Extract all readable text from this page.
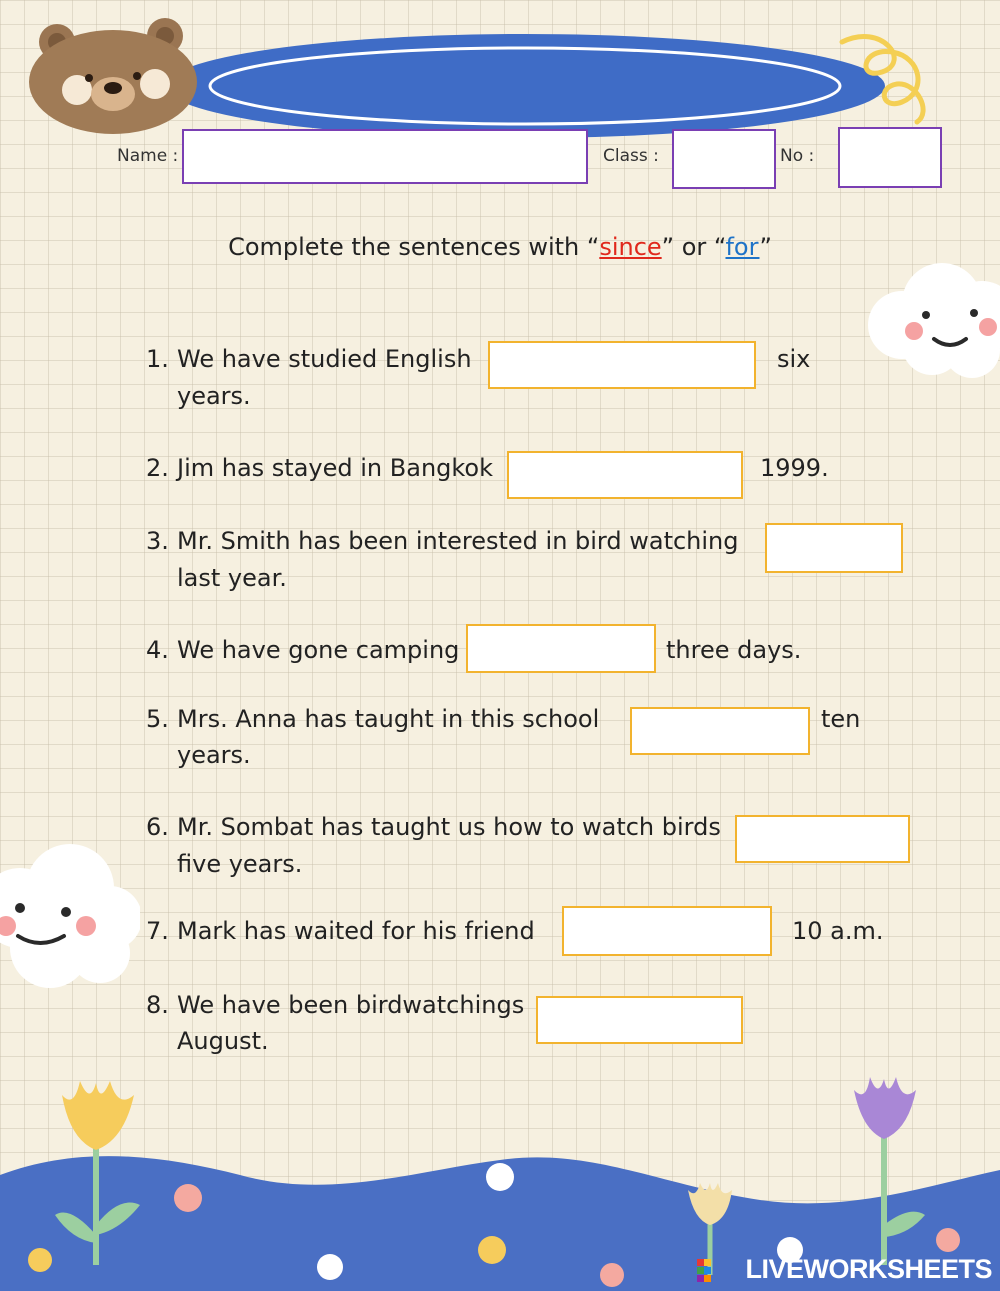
Name :	Class :	No :
Complete the sentences with “since” or “for”
1. We have studied English	six
years.
2. Jim has stayed in Bangkok	1999.
3. Mr. Smith has been interested in bird watching
last year.
4. We have gone camping	three days.
5. Mrs. Anna has taught in this school	ten
years.
6. Mr. Sombat has taught us how to watch birds
five years.
7. Mark has waited for his friend	10 a.m.
8. We have been birdwatchings
August.
LIVEWORKSHEETS
